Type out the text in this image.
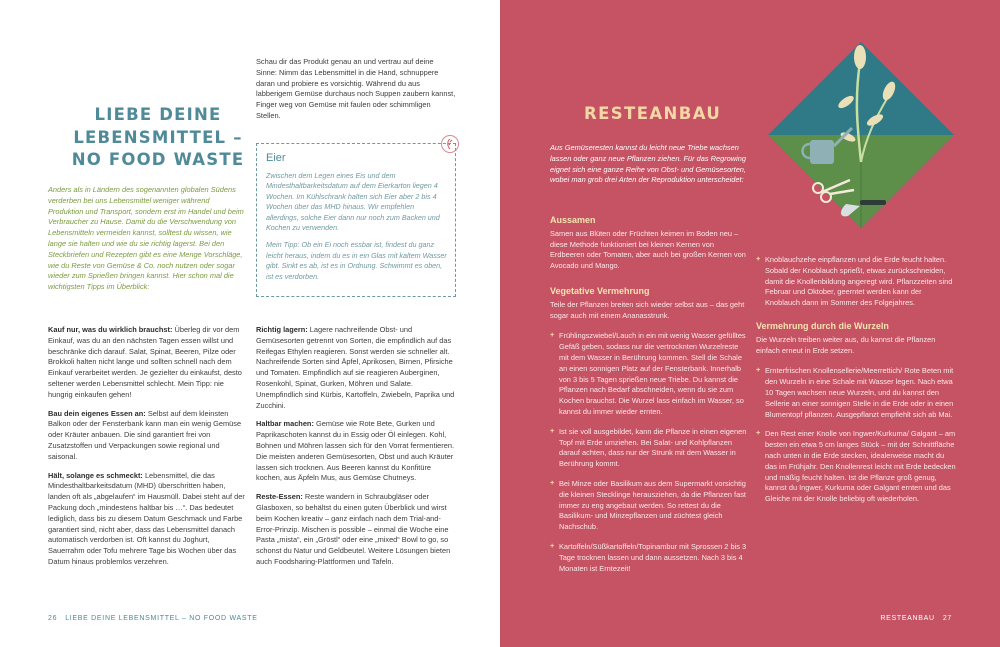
LIEBE DEINE
LEBENSMITTEL –
NO FOOD WASTE
Anders als in Ländern des sogenannten globalen Südens verderben bei uns Lebensmittel weniger während Produktion und Transport, sondern erst im Handel und beim Verbraucher zu Hause. Damit du die Verschwendung von Lebensmitteln vermeiden kannst, solltest du wissen, wie lange sie halten und wie du sie richtig lagerst. Bei den Steckbriefen und Rezepten gibt es eine Menge Vorschläge, wie du Reste von Gemüse & Co. noch nutzen oder sogar wieder zum Sprießen bringen kannst. Hier schon mal die wichtigsten Tipps im Überblick:
Schau dir das Produkt genau an und vertrau auf deine Sinne: Nimm das Lebensmittel in die Hand, schnuppere daran und probiere es vorsichtig. Während du aus labberigem Gemüse durchaus noch Suppen zaubern kannst, Finger weg von Gemüse mit faulen oder schimmligen Stellen.
Eier

Zwischen dem Legen eines Eis und dem Mindesthaltbarkeitsdatum auf dem Eierkarton liegen 4 Wochen. Im Kühlschrank halten sich Eier aber 2 bis 4 Wochen über das MHD hinaus. Wir empfehlen allerdings, solche Eier dann nur noch zum Backen und Kochen zu verwenden.

Mein Tipp: Ob ein Ei noch essbar ist, findest du ganz leicht heraus, indem du es in ein Glas mit kaltem Wasser gibt. Sinkt es ab, ist es in Ordnung. Schwimmt es oben, ist es verdorben.

Kauf nur, was du wirklich brauchst: Überleg dir vor dem Einkauf, was du an den nächsten Tagen essen willst und beschränke dich darauf. Salat, Spinat, Beeren, Pilze oder Brokkoli halten nicht lange und sollten schnell nach dem Einkauf verarbeitet werden. Je gezielter du einkaufst, desto seltener werden Lebensmittel schlecht. Mein Tipp: nie hungrig einkaufen gehen!

Bau dein eigenes Essen an: Selbst auf dem kleinsten Balkon oder der Fensterbank kann man ein wenig Gemüse oder Kräuter anbauen. Die sind garantiert frei von Zusatzstoffen und Verpackungen sowie regional und saisonal.

Hält, solange es schmeckt: Lebensmittel, die das Mindesthaltbarkeitsdatum (MHD) überschritten haben, landen oft als „abgelaufen“ im Hausmüll. Dabei steht auf der Packung doch „mindestens haltbar bis …“. Das bedeutet lediglich, dass bis zu diesem Datum Geschmack und Farbe garantiert sind, nicht aber, dass das Lebensmittel danach automatisch verdorben ist. Oft kannst du Joghurt, Sauerrahm oder Tofu mehrere Tage bis Wochen über das Datum hinaus problemlos verzehren.

Richtig lagern: Lagere nachreifende Obst- und Gemüsesorten getrennt von Sorten, die empfindlich auf das Reifegas Ethylen reagieren. Sonst werden sie schneller alt. Nachreifende Sorten sind Äpfel, Aprikosen, Birnen, Pfirsiche und Tomaten. Empfindlich auf sie reagieren Auberginen, Rosenkohl, Spinat, Gurken, Möhren und Salate. Unempfindlich sind Kürbis, Kartoffeln, Zwiebeln, Paprika und Zucchini.

Haltbar machen: Gemüse wie Rote Bete, Gurken und Paprikaschoten kannst du in Essig oder Öl einlegen. Kohl, Bohnen und Möhren lassen sich für den Vorrat fermentieren. Die meisten anderen Gemüsesorten, Obst und auch Kräuter lassen sich trocknen. Aus Beeren kannst du Konfitüre kochen, aus Äpfeln Mus, aus Gemüse Chutneys.

Reste-Essen: Reste wandern in Schraubgläser oder Glasboxen, so behältst du einen guten Überblick und wirst beim Kochen kreativ – ganz einfach nach dem Trial-and-Error-Prinzip. Mischen is possible – einmal die Woche eine Pasta „mista“, ein „Gröstl“ oder eine „mixed“ Bowl to go, so schonst du Natur und Geldbeutel. Weitere Lösungen bieten auch Foodsharing-Plattformen und Tafeln.

26 LIEBE DEINE LEBENSMITTEL – NO FOOD WASTE
RESTEANBAU
Aus Gemüseresten kannst du leicht neue Triebe wachsen lassen oder ganz neue Pflanzen ziehen. Für das Regrowing eignet sich eine ganze Reihe von Obst- und Gemüsesorten, wobei man grob drei Arten der Reproduktion unterscheidet:
Aussamen
Samen aus Blüten oder Früchten keimen im Boden neu – diese Methode funktioniert bei kleinen Kernen von Erdbeeren oder Tomaten, aber auch bei großen Kernen von Avocado und Mango.
Vegetative Vermehrung
Teile der Pflanzen breiten sich wieder selbst aus – das geht sogar auch mit einem Ananasstrunk.
+ Frühlingszwiebel/Lauch in ein mit wenig Wasser gefülltes Gefäß geben, sodass nur die vertrocknten Wurzelreste mit dem Wasser in Berührung kommen. Stell die Schale an einen sonnigen Platz auf der Fensterbank. Innerhalb von 3 bis 5 Tagen sprießen neue Triebe. Du kannst die Pflanzen nach Bedarf abschneiden, wenn du sie zum Kochen brauchst. Die Wurzel lass einfach im Wasser, so kannst du immer wieder ernten.
+ Ist sie voll ausgebildet, kann die Pflanze in einen eigenen Topf mit Erde umziehen. Bei Salat- und Kohlpflanzen darauf achten, dass nur der Strunk mit dem Wasser in Berührung kommt.
+ Bei Minze oder Basilikum aus dem Supermarkt vorsichtig die kleinen Stecklinge herausziehen, da die Pflanzen fast immer zu eng angebaut werden. So rettest du die Basilikum- und Minzepflanzen und züchtest gleich Nachschub.
+ Kartoffeln/Süßkartoffeln/Topinambur mit Sprossen 2 bis 3 Tage trocknen lassen und dann aussetzen. Nach 3 bis 4 Monaten ist Erntezeit!
+ Knoblauchzehe einpflanzen und die Erde feucht halten. Sobald der Knoblauch sprießt, etwas zurückschneiden, damit die Knollenbildung angeregt wird. Pflanzzeiten sind Februar und Oktober, geerntet werden kann der Knoblauch dann im Sommer des Folgejahres.
Vermehrung durch die Wurzeln
Die Wurzeln treiben weiter aus, du kannst die Pflanzen einfach erneut in Erde setzen.
+ Ernterfrischen Knollensellerie/Meerrettich/ Rote Beten mit den Wurzeln in eine Schale mit Wasser legen. Nach etwa 10 Tagen wachsen neue Wurzeln, und du kannst den Sellerie an einer sonnigen Stelle in die Erde oder in einen Blumentopf pflanzen. Ausgepflanzt empfiehlt sich ab Mai.
+ Den Rest einer Knolle von Ingwer/Kurkuma/ Galgant – am besten ein etwa 5 cm langes Stück – mit der Schnittfläche nach unten in die Erde stecken, idealerweise macht du das im Frühjahr. Den Knollenrest leicht mit Erde bedecken und mäßig feucht halten. Ist die Pflanze groß genug, kannst du Ingwer, Kurkuma oder Galgant ernten und das Gleiche mit der Knolle beliebig oft wiederholen.
RESTEANBAU 27
